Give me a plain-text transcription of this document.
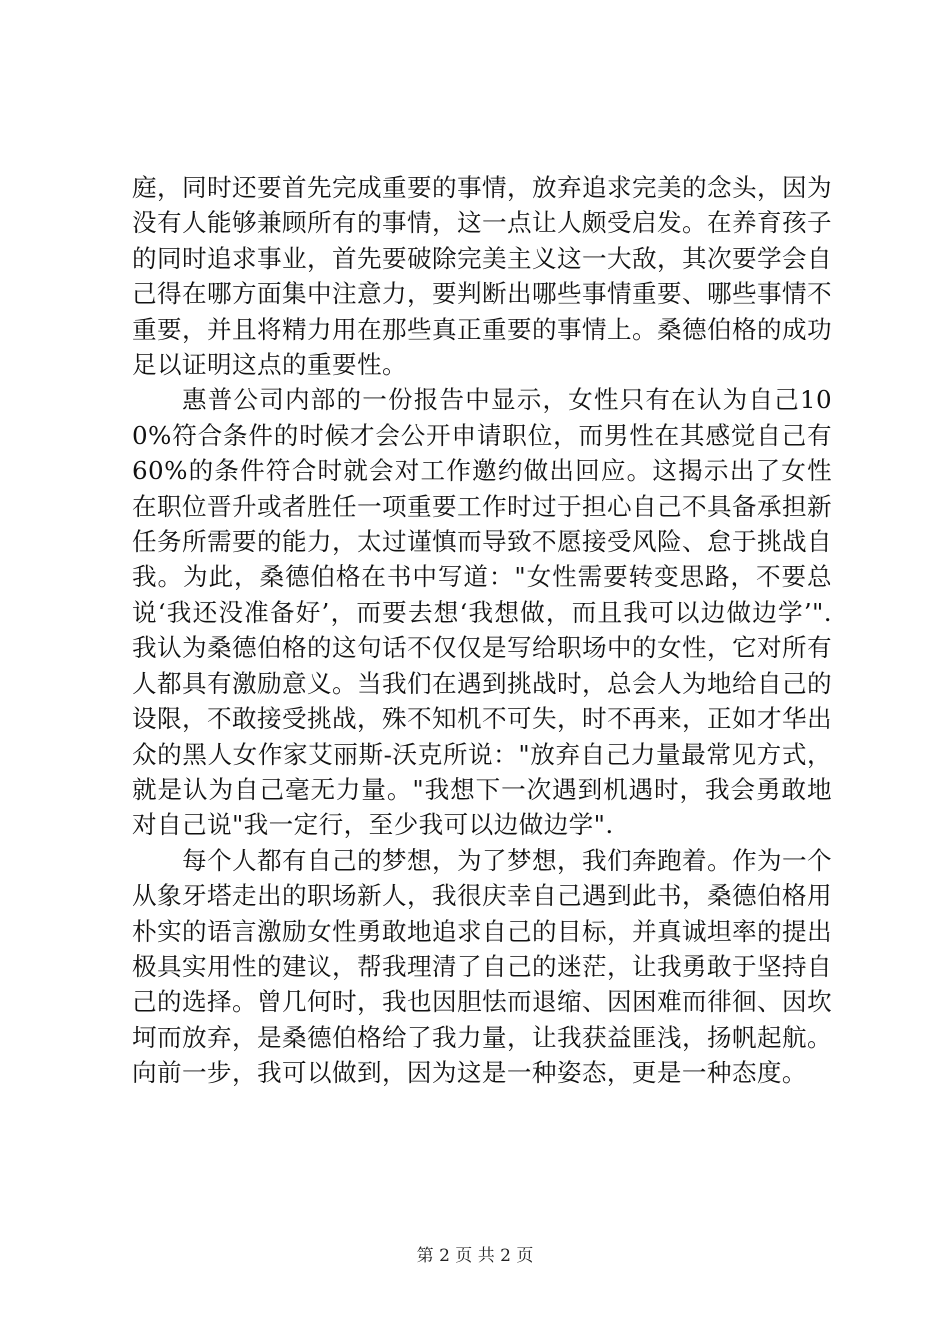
庭，同时还要首先完成重要的事情，放弃追求完美的念头，因为没有人能够兼顾所有的事情，这一点让人颇受启发。在养育孩子的同时追求事业，首先要破除完美主义这一大敌，其次要学会自己得在哪方面集中注意力，要判断出哪些事情重要、哪些事情不重要，并且将精力用在那些真正重要的事情上。桑德伯格的成功足以证明这点的重要性。

惠普公司内部的一份报告中显示，女性只有在认为自己100%符合条件的时候才会公开申请职位，而男性在其感觉自己有60%的条件符合时就会对工作邀约做出回应。这揭示出了女性在职位晋升或者胜任一项重要工作时过于担心自己不具备承担新任务所需要的能力，太过谨慎而导致不愿接受风险、怠于挑战自我。为此，桑德伯格在书中写道："女性需要转变思路，不要总说‘我还没准备好’，而要去想‘我想做，而且我可以边做边学’".我认为桑德伯格的这句话不仅仅是写给职场中的女性，它对所有人都具有激励意义。当我们在遇到挑战时，总会人为地给自己的设限，不敢接受挑战，殊不知机不可失，时不再来，正如才华出众的黑人女作家艾丽斯-沃克所说："放弃自己力量最常见方式，就是认为自己毫无力量。"我想下一次遇到机遇时，我会勇敢地对自己说"我一定行，至少我可以边做边学".

每个人都有自己的梦想，为了梦想，我们奔跑着。作为一个从象牙塔走出的职场新人，我很庆幸自己遇到此书，桑德伯格用朴实的语言激励女性勇敢地追求自己的目标，并真诚坦率的提出极具实用性的建议，帮我理清了自己的迷茫，让我勇敢于坚持自己的选择。曾几何时，我也因胆怯而退缩、因困难而徘徊、因坎坷而放弃，是桑德伯格给了我力量，让我获益匪浅，扬帆起航。向前一步，我可以做到，因为这是一种姿态，更是一种态度。

第 2 页 共 2 页
